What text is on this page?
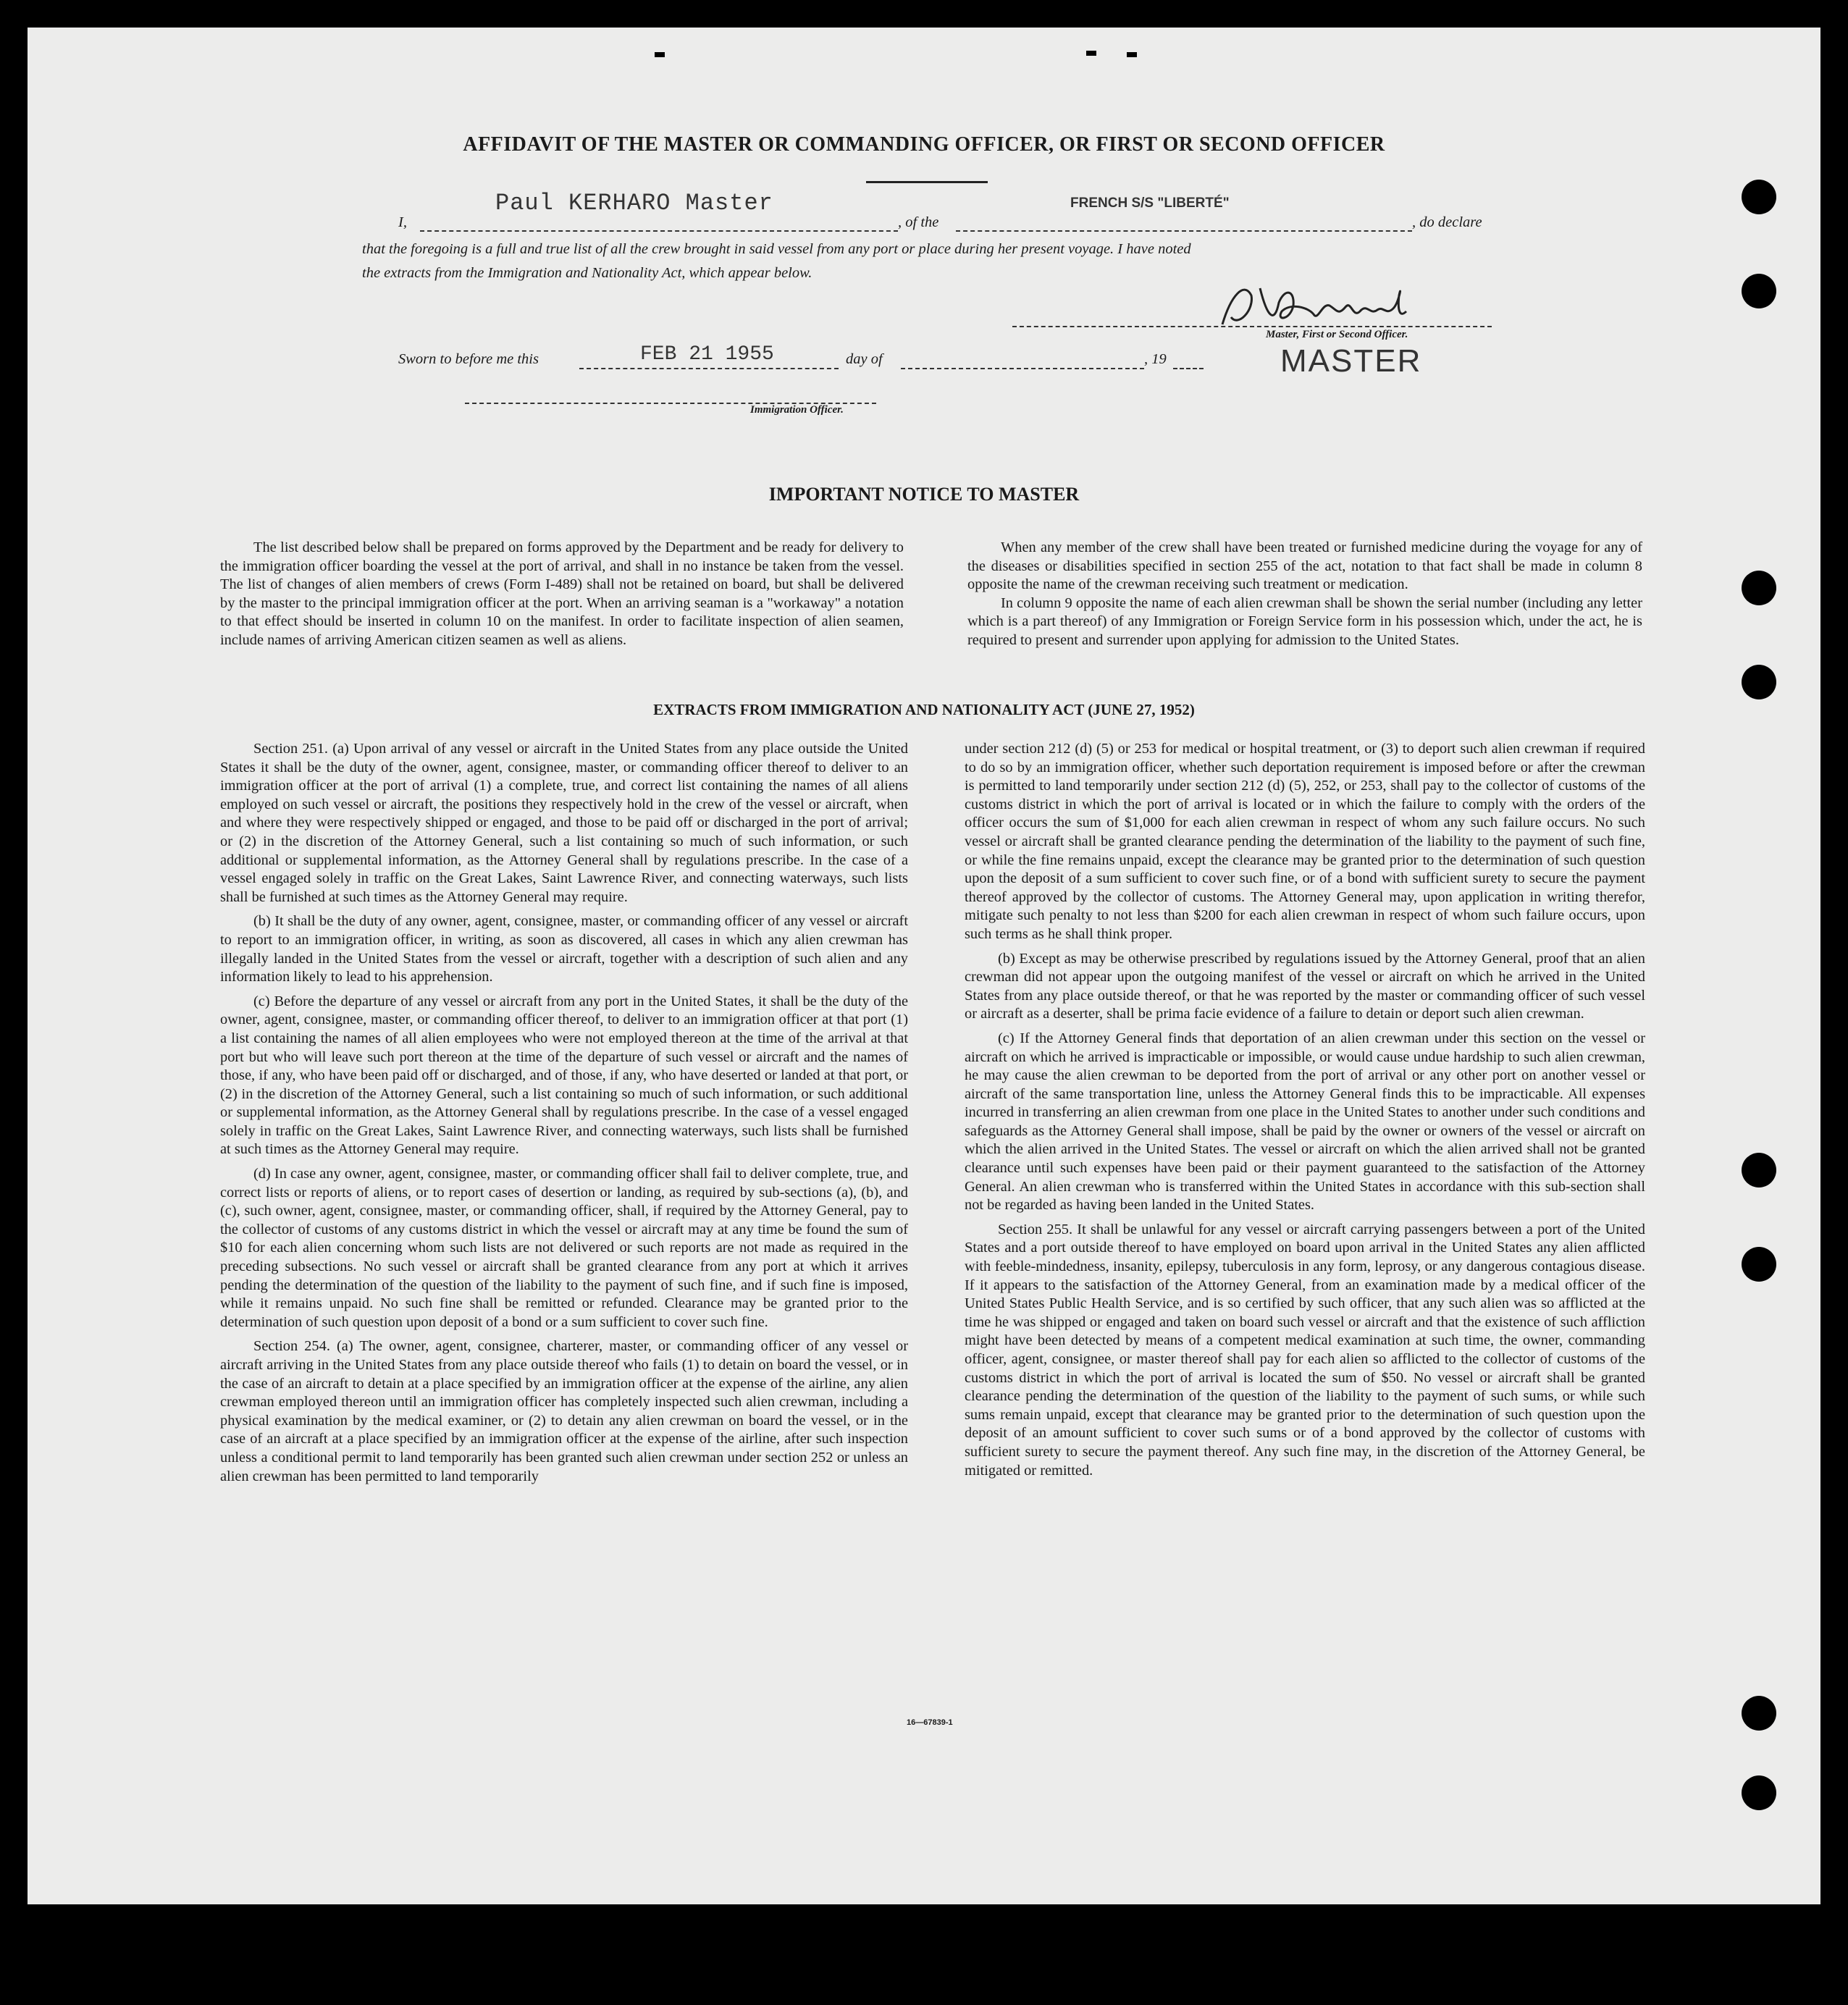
AFFIDAVIT OF THE MASTER OR COMMANDING OFFICER, OR FIRST OR SECOND OFFICER
I,
Paul KERHARO Master
, of the
FRENCH S/S "LIBERTÉ"
, do declare
that the foregoing is a full and true list of all the crew brought in said vessel from any port or place during her present voyage. I have noted
the extracts from the Immigration and Nationality Act, which appear below.
Master, First or Second Officer.
MASTER
Sworn to before me this	FEB 21 1955	day of	, 19
Immigration Officer.
IMPORTANT NOTICE TO MASTER

The list described below shall be prepared on forms approved by the Department and be ready for delivery to the immigration officer boarding the vessel at the port of arrival, and shall in no instance be taken from the vessel. The list of changes of alien members of crews (Form I-489) shall not be retained on board, but shall be delivered by the master to the principal immigration officer at the port. When an arriving seaman is a "workaway" a notation to that effect should be inserted in column 10 on the manifest. In order to facilitate inspection of alien seamen, include names of arriving American citizen seamen as well as aliens.

When any member of the crew shall have been treated or furnished medicine during the voyage for any of the diseases or disabilities specified in section 255 of the act, notation to that fact shall be made in column 8 opposite the name of the crewman receiving such treatment or medication.

In column 9 opposite the name of each alien crewman shall be shown the serial number (including any letter which is a part thereof) of any Immigration or Foreign Service form in his possession which, under the act, he is required to present and surrender upon applying for admission to the United States.

EXTRACTS FROM IMMIGRATION AND NATIONALITY ACT (JUNE 27, 1952)

Section 251. (a) Upon arrival of any vessel or aircraft in the United States from any place outside the United States it shall be the duty of the owner, agent, consignee, master, or commanding officer thereof to deliver to an immigration officer at the port of arrival (1) a complete, true, and correct list containing the names of all aliens employed on such vessel or aircraft, the positions they respectively hold in the crew of the vessel or aircraft, when and where they were respectively shipped or engaged, and those to be paid off or discharged in the port of arrival; or (2) in the discretion of the Attorney General, such a list containing so much of such information, or such additional or supplemental information, as the Attorney General shall by regulations prescribe. In the case of a vessel engaged solely in traffic on the Great Lakes, Saint Lawrence River, and connecting waterways, such lists shall be furnished at such times as the Attorney General may require.

(b) It shall be the duty of any owner, agent, consignee, master, or commanding officer of any vessel or aircraft to report to an immigration officer, in writing, as soon as discovered, all cases in which any alien crewman has illegally landed in the United States from the vessel or aircraft, together with a description of such alien and any information likely to lead to his apprehension.

(c) Before the departure of any vessel or aircraft from any port in the United States, it shall be the duty of the owner, agent, consignee, master, or commanding officer thereof, to deliver to an immigration officer at that port (1) a list containing the names of all alien employees who were not employed thereon at the time of the arrival at that port but who will leave such port thereon at the time of the departure of such vessel or aircraft and the names of those, if any, who have been paid off or discharged, and of those, if any, who have deserted or landed at that port, or (2) in the discretion of the Attorney General, such a list containing so much of such information, or such additional or supplemental information, as the Attorney General shall by regulations prescribe. In the case of a vessel engaged solely in traffic on the Great Lakes, Saint Lawrence River, and connecting waterways, such lists shall be furnished at such times as the Attorney General may require.

(d) In case any owner, agent, consignee, master, or commanding officer shall fail to deliver complete, true, and correct lists or reports of aliens, or to report cases of desertion or landing, as required by sub-sections (a), (b), and (c), such owner, agent, consignee, master, or commanding officer, shall, if required by the Attorney General, pay to the collector of customs of any customs district in which the vessel or aircraft may at any time be found the sum of $10 for each alien concerning whom such lists are not delivered or such reports are not made as required in the preceding subsections. No such vessel or aircraft shall be granted clearance from any port at which it arrives pending the determination of the question of the liability to the payment of such fine, and if such fine is imposed, while it remains unpaid. No such fine shall be remitted or refunded. Clearance may be granted prior to the determination of such question upon deposit of a bond or a sum sufficient to cover such fine.

Section 254. (a) The owner, agent, consignee, charterer, master, or commanding officer of any vessel or aircraft arriving in the United States from any place outside thereof who fails (1) to detain on board the vessel, or in the case of an aircraft to detain at a place specified by an immigration officer at the expense of the airline, any alien crewman employed thereon until an immigration officer has completely inspected such alien crewman, including a physical examination by the medical examiner, or (2) to detain any alien crewman on board the vessel, or in the case of an aircraft at a place specified by an immigration officer at the expense of the airline, after such inspection unless a conditional permit to land temporarily has been granted such alien crewman under section 252 or unless an alien crewman has been permitted to land temporarily

under section 212 (d) (5) or 253 for medical or hospital treatment, or (3) to deport such alien crewman if required to do so by an immigration officer, whether such deportation requirement is imposed before or after the crewman is permitted to land temporarily under section 212 (d) (5), 252, or 253, shall pay to the collector of customs of the customs district in which the port of arrival is located or in which the failure to comply with the orders of the officer occurs the sum of $1,000 for each alien crewman in respect of whom any such failure occurs. No such vessel or aircraft shall be granted clearance pending the determination of the liability to the payment of such fine, or while the fine remains unpaid, except the clearance may be granted prior to the determination of such question upon the deposit of a sum sufficient to cover such fine, or of a bond with sufficient surety to secure the payment thereof approved by the collector of customs. The Attorney General may, upon application in writing therefor, mitigate such penalty to not less than $200 for each alien crewman in respect of whom such failure occurs, upon such terms as he shall think proper.

(b) Except as may be otherwise prescribed by regulations issued by the Attorney General, proof that an alien crewman did not appear upon the outgoing manifest of the vessel or aircraft on which he arrived in the United States from any place outside thereof, or that he was reported by the master or commanding officer of such vessel or aircraft as a deserter, shall be prima facie evidence of a failure to detain or deport such alien crewman.

(c) If the Attorney General finds that deportation of an alien crewman under this section on the vessel or aircraft on which he arrived is impracticable or impossible, or would cause undue hardship to such alien crewman, he may cause the alien crewman to be deported from the port of arrival or any other port on another vessel or aircraft of the same transportation line, unless the Attorney General finds this to be impracticable. All expenses incurred in transferring an alien crewman from one place in the United States to another under such conditions and safeguards as the Attorney General shall impose, shall be paid by the owner or owners of the vessel or aircraft on which the alien arrived in the United States. The vessel or aircraft on which the alien arrived shall not be granted clearance until such expenses have been paid or their payment guaranteed to the satisfaction of the Attorney General. An alien crewman who is transferred within the United States in accordance with this sub-section shall not be regarded as having been landed in the United States.

Section 255. It shall be unlawful for any vessel or aircraft carrying passengers between a port of the United States and a port outside thereof to have employed on board upon arrival in the United States any alien afflicted with feeble-mindedness, insanity, epilepsy, tuberculosis in any form, leprosy, or any dangerous contagious disease. If it appears to the satisfaction of the Attorney General, from an examination made by a medical officer of the United States Public Health Service, and is so certified by such officer, that any such alien was so afflicted at the time he was shipped or engaged and taken on board such vessel or aircraft and that the existence of such affliction might have been detected by means of a competent medical examination at such time, the owner, commanding officer, agent, consignee, or master thereof shall pay for each alien so afflicted to the collector of customs of the customs district in which the port of arrival is located the sum of $50. No vessel or aircraft shall be granted clearance pending the determination of the question of the liability to the payment of such sums, or while such sums remain unpaid, except that clearance may be granted prior to the determination of such question upon the deposit of an amount sufficient to cover such sums or of a bond approved by the collector of customs with sufficient surety to secure the payment thereof. Any such fine may, in the discretion of the Attorney General, be mitigated or remitted.

16—67839-1
